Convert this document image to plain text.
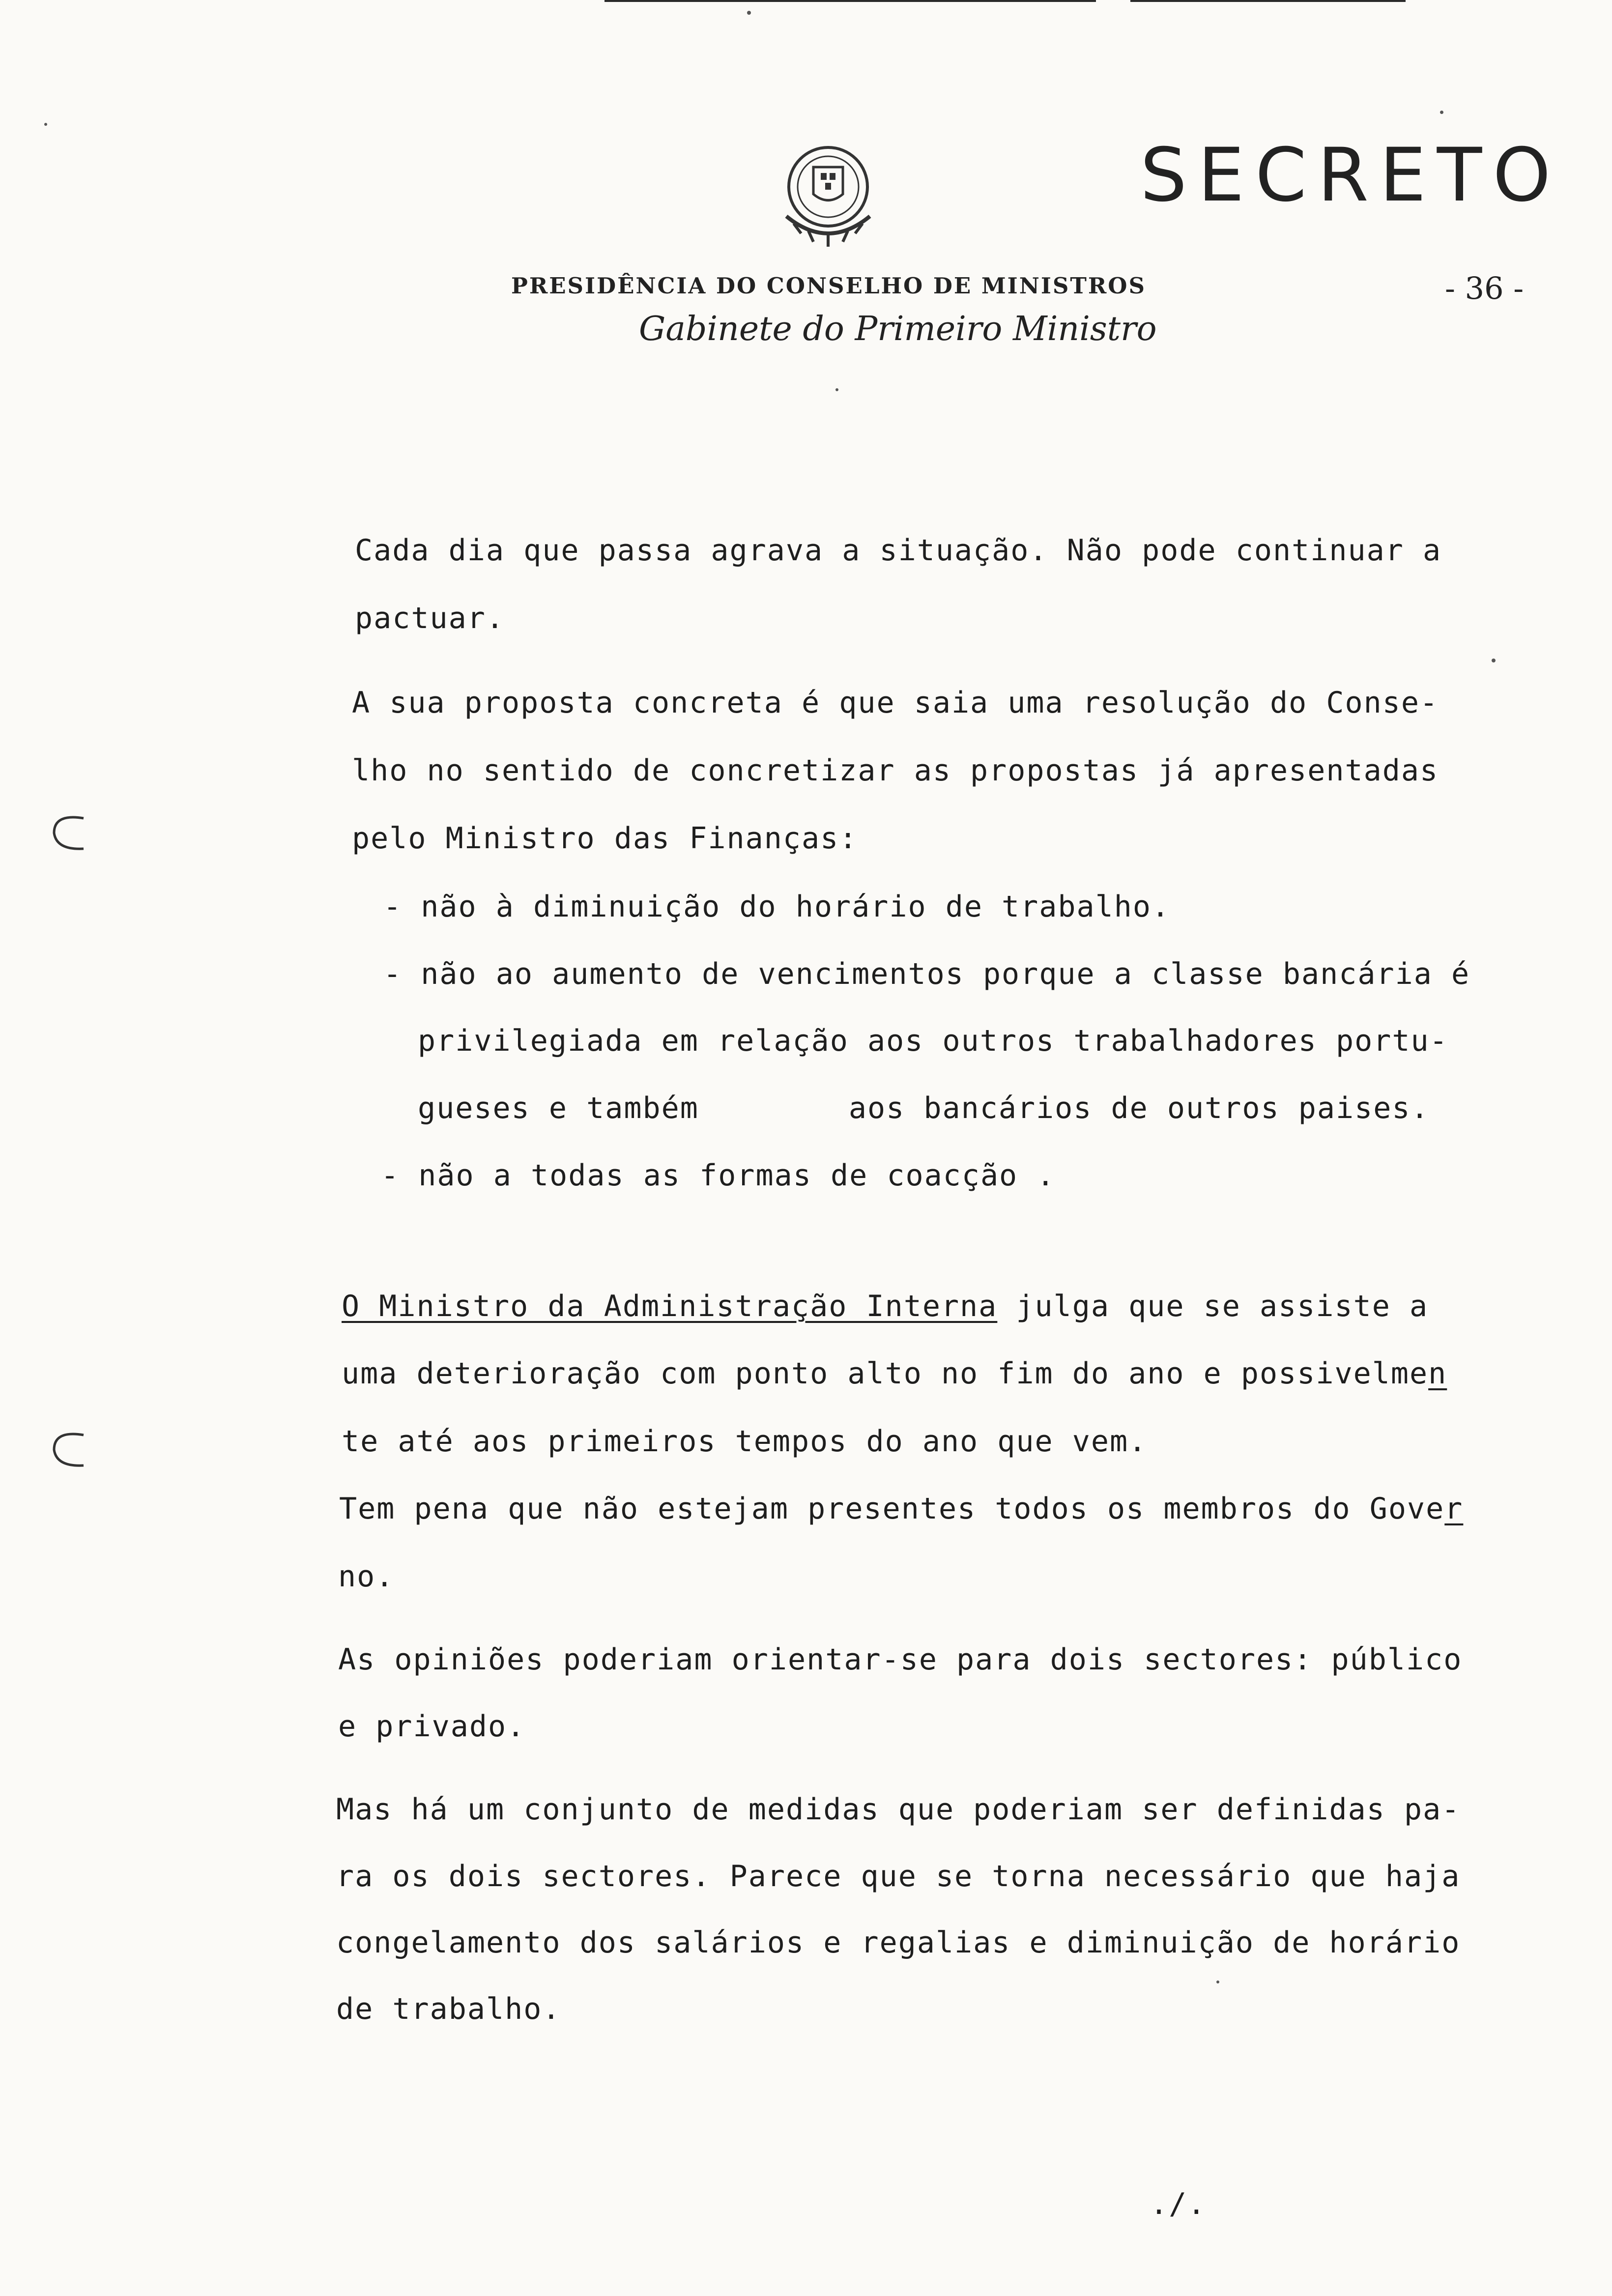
SECRETO
PRESIDÊNCIA DO CONSELHO DE MINISTROS
Gabinete do Primeiro Ministro
- 36 -
Cada dia que passa agrava a situação. Não pode continuar a
pactuar.
A sua proposta concreta é que saia uma resolução do Conse-
lho no sentido de concretizar as propostas já apresentadas
pelo Ministro das Finanças:
- não à diminuição do horário de trabalho.
- não ao aumento de vencimentos porque a classe bancária é
privilegiada em relação aos outros trabalhadores portu-
gueses e também        aos bancários de outros paises.
- não a todas as formas de coacção .
O Ministro da Administração Interna julga que se assiste a
uma deterioração com ponto alto no fim do ano e possivelmen
te até aos primeiros tempos do ano que vem.
Tem pena que não estejam presentes todos os membros do Gover
no.
As opiniões poderiam orientar-se para dois sectores: público
e privado.
Mas há um conjunto de medidas que poderiam ser definidas pa-
ra os dois sectores. Parece que se torna necessário que haja
congelamento dos salários e regalias e diminuição de horário
de trabalho.
./.
